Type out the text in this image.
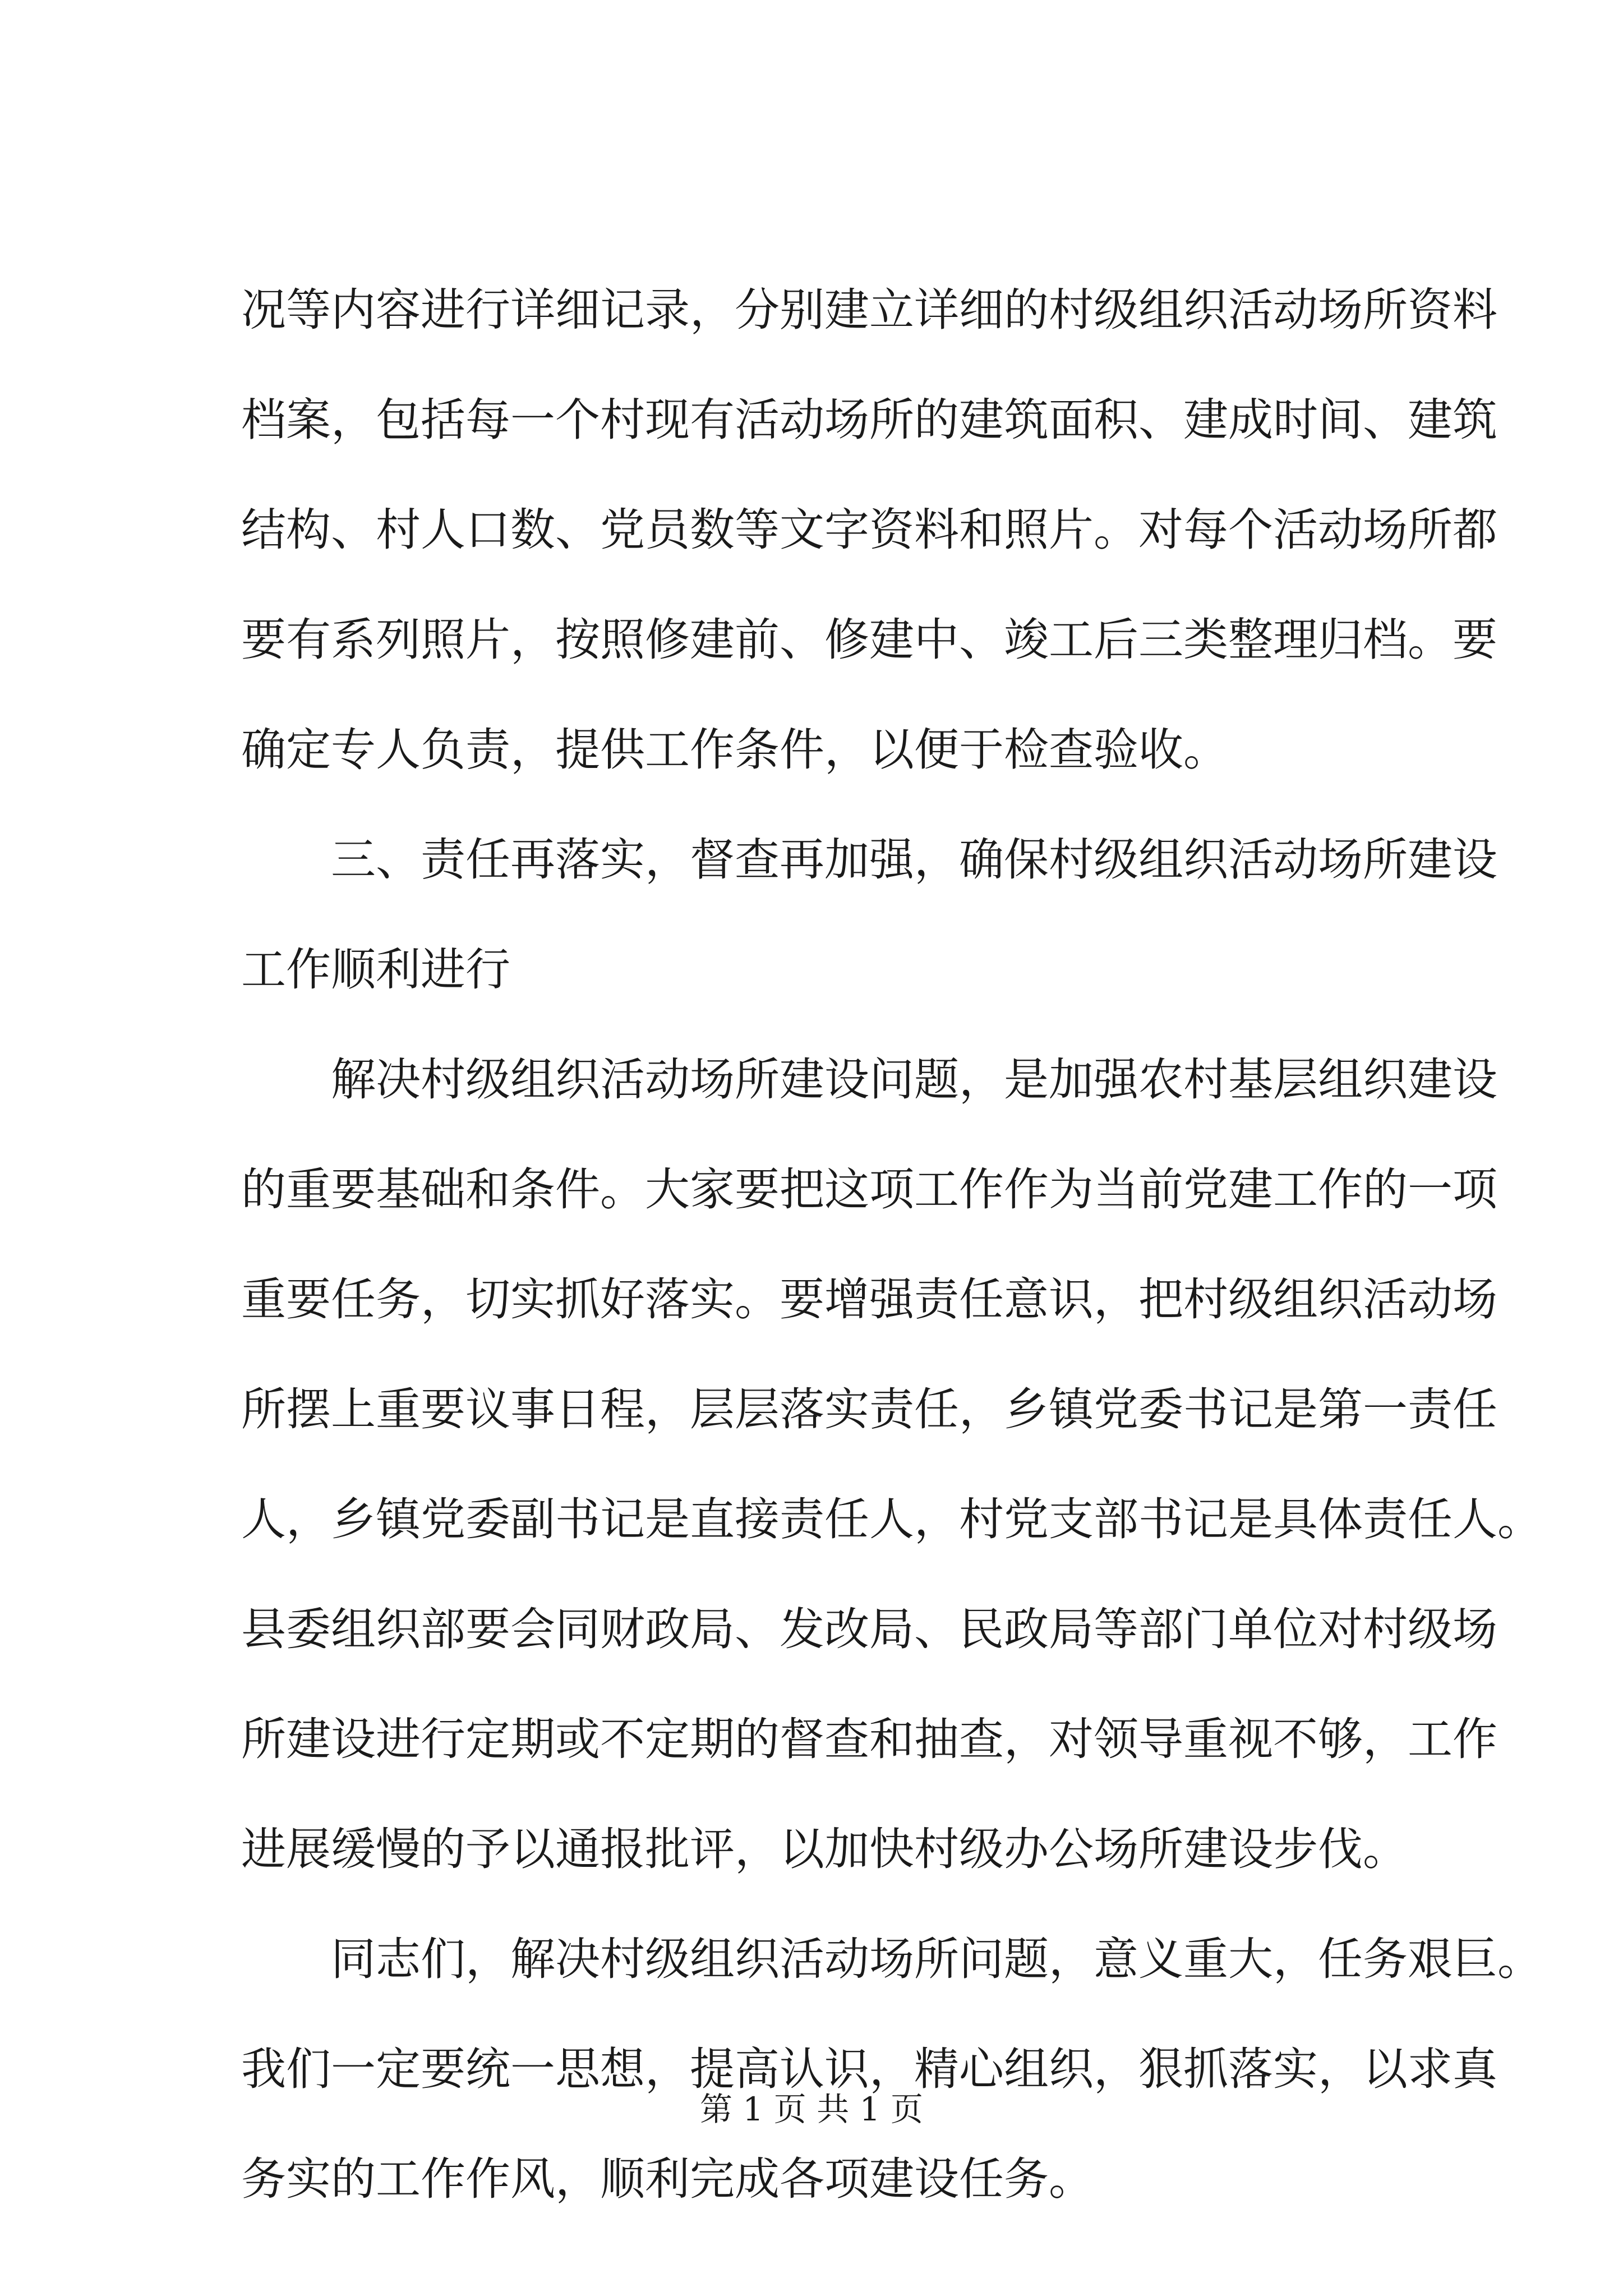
况等内容进行详细记录，分别建立详细的村级组织活动场所资料
档案，包括每一个村现有活动场所的建筑面积、建成时间、建筑
结构、村人口数、党员数等文字资料和照片。对每个活动场所都
要有系列照片，按照修建前、修建中、竣工后三类整理归档。要
确定专人负责，提供工作条件，以便于检查验收。
三、责任再落实，督查再加强，确保村级组织活动场所建设
工作顺利进行
解决村级组织活动场所建设问题，是加强农村基层组织建设
的重要基础和条件。大家要把这项工作作为当前党建工作的一项
重要任务，切实抓好落实。要增强责任意识，把村级组织活动场
所摆上重要议事日程，层层落实责任，乡镇党委书记是第一责任
人，乡镇党委副书记是直接责任人，村党支部书记是具体责任人。
县委组织部要会同财政局、发改局、民政局等部门单位对村级场
所建设进行定期或不定期的督查和抽查，对领导重视不够，工作
进展缓慢的予以通报批评，以加快村级办公场所建设步伐。
同志们，解决村级组织活动场所问题，意义重大，任务艰巨。
我们一定要统一思想，提高认识，精心组织，狠抓落实，以求真
务实的工作作风，顺利完成各项建设任务。
第 1 页 共 1 页
